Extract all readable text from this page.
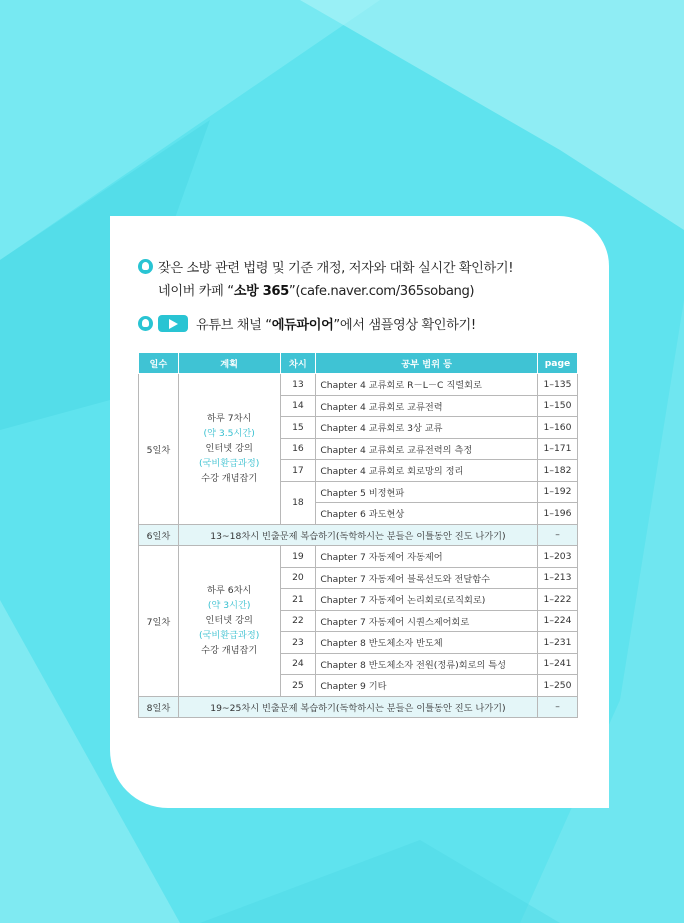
잦은 소방 관련 법령 및 기준 개정, 저자와 대화 실시간 확인하기!
네이버 카페 “소방 365”(cafe.naver.com/365sobang)
유튜브 채널 “에듀파이어”에서 샘플영상 확인하기!
일수	계획	차시	공부 범위 등	page
5일차	하루 7차시
(약 3.5시간)
인터넷 강의
(국비환급과정)
수강 개념잡기	13	Chapter 4 교류회로 R－L－C 직렬회로	1–135
		14	Chapter 4 교류회로 교류전력	1–150
		15	Chapter 4 교류회로 3상 교류	1–160
		16	Chapter 4 교류회로 교류전력의 측정	1–171
		17	Chapter 4 교류회로 회로망의 정리	1–182
		18	Chapter 5 비정현파	1–192
			Chapter 6 과도현상	1–196
6일차	13~18차시 빈출문제 복습하기(독학하시는 분들은 이틀동안 진도 나가기)			–
7일차	하루 6차시
(약 3시간)
인터넷 강의
(국비환급과정)
수강 개념잡기	19	Chapter 7 자동제어 자동제어	1–203
		20	Chapter 7 자동제어 블록선도와 전달함수	1–213
		21	Chapter 7 자동제어 논리회로(로직회로)	1–222
		22	Chapter 7 자동제어 시퀀스제어회로	1–224
		23	Chapter 8 반도체소자 반도체	1–231
		24	Chapter 8 반도체소자 전원(정류)회로의 특성	1–241
		25	Chapter 9 기타	1–250
8일차	19~25차시 빈출문제 복습하기(독학하시는 분들은 이틀동안 진도 나가기)			–
